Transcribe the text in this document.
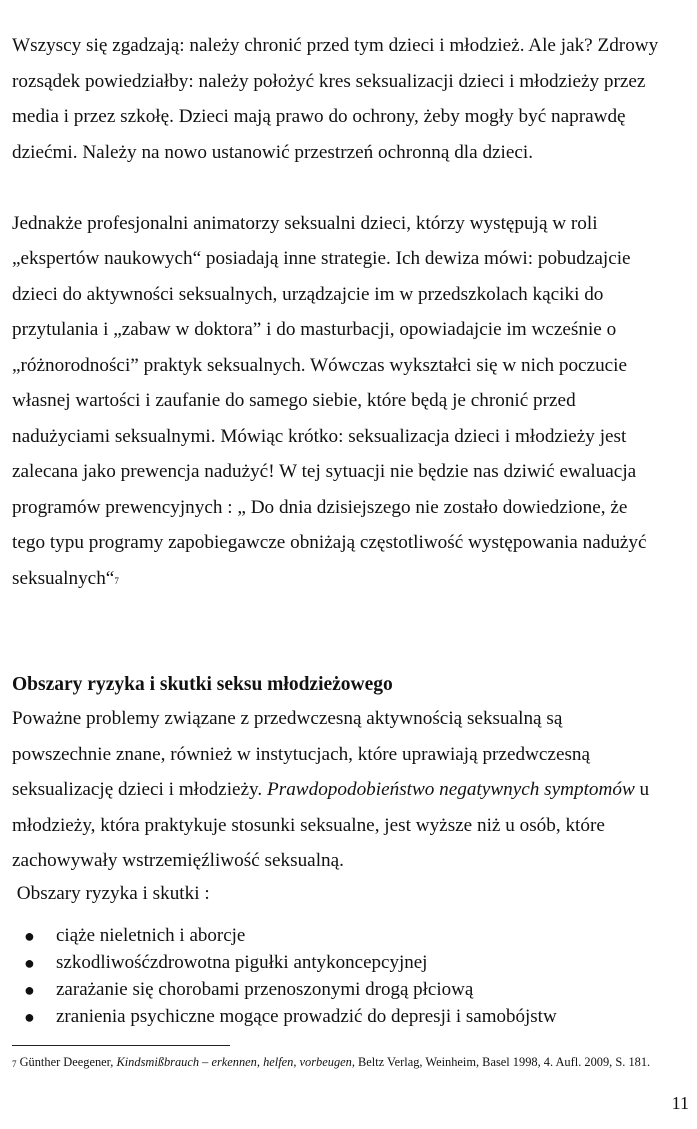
Wszyscy się zgadzają: należy chronić przed tym dzieci i młodzież. Ale jak? Zdrowy
rozsądek powiedziałby: należy położyć kres seksualizacji dzieci i młodzieży przez
media i przez szkołę. Dzieci mają prawo do ochrony, żeby mogły być naprawdę
dziećmi. Należy na nowo ustanowić przestrzeń ochronną dla dzieci.
Jednakże profesjonalni animatorzy seksualni dzieci, którzy występują w roli
„ekspertów naukowych“ posiadają inne strategie. Ich dewiza mówi: pobudzajcie
dzieci do aktywności seksualnych, urządzajcie im w przedszkolach kąciki do
przytulania i „zabaw w doktora” i do masturbacji, opowiadajcie im wcześnie o
„różnorodności” praktyk seksualnych. Wówczas wykształci się w nich poczucie
własnej wartości i zaufanie do samego siebie, które będą je chronić przed
nadużyciami seksualnymi. Mówiąc krótko: seksualizacja dzieci i młodzieży jest
zalecana jako prewencja nadużyć! W tej sytuacji nie będzie nas dziwić ewaluacja
programów prewencyjnych : „ Do dnia dzisiejszego nie zostało dowiedzione, że
tego typu programy zapobiegawcze obniżają częstotliwość występowania nadużyć
seksualnych“$^7$
Obszary ryzyka i skutki seksu młodzieżowego
Poważne problemy związane z przedwczesną aktywnością seksualną są
powszechnie znane, również w instytucjach, które uprawiają przedwczesną
seksualizację dzieci i młodzieży. Prawdopodobieństwo negatywnych symptomów u
młodzieży, która praktykuje stosunki seksualne, jest wyższe niż u osób, które
zachowywały wstrzemięźliwość seksualną.
Obszary ryzyka i skutki :
● ciąże nieletnich i aborcje
● szkodliwośćzdrowotna pigułki antykoncepcyjnej
● zarażanie się chorobami przenoszonymi drogą płciową
● zranienia psychiczne mogące prowadzić do depresji i samobójstw
$^7$ Günther Deegener, Kindsmißbrauch – erkennen, helfen, vorbeugen, Beltz Verlag, Weinheim, Basel 1998, 4. Aufl. 2009, S. 181.
11
